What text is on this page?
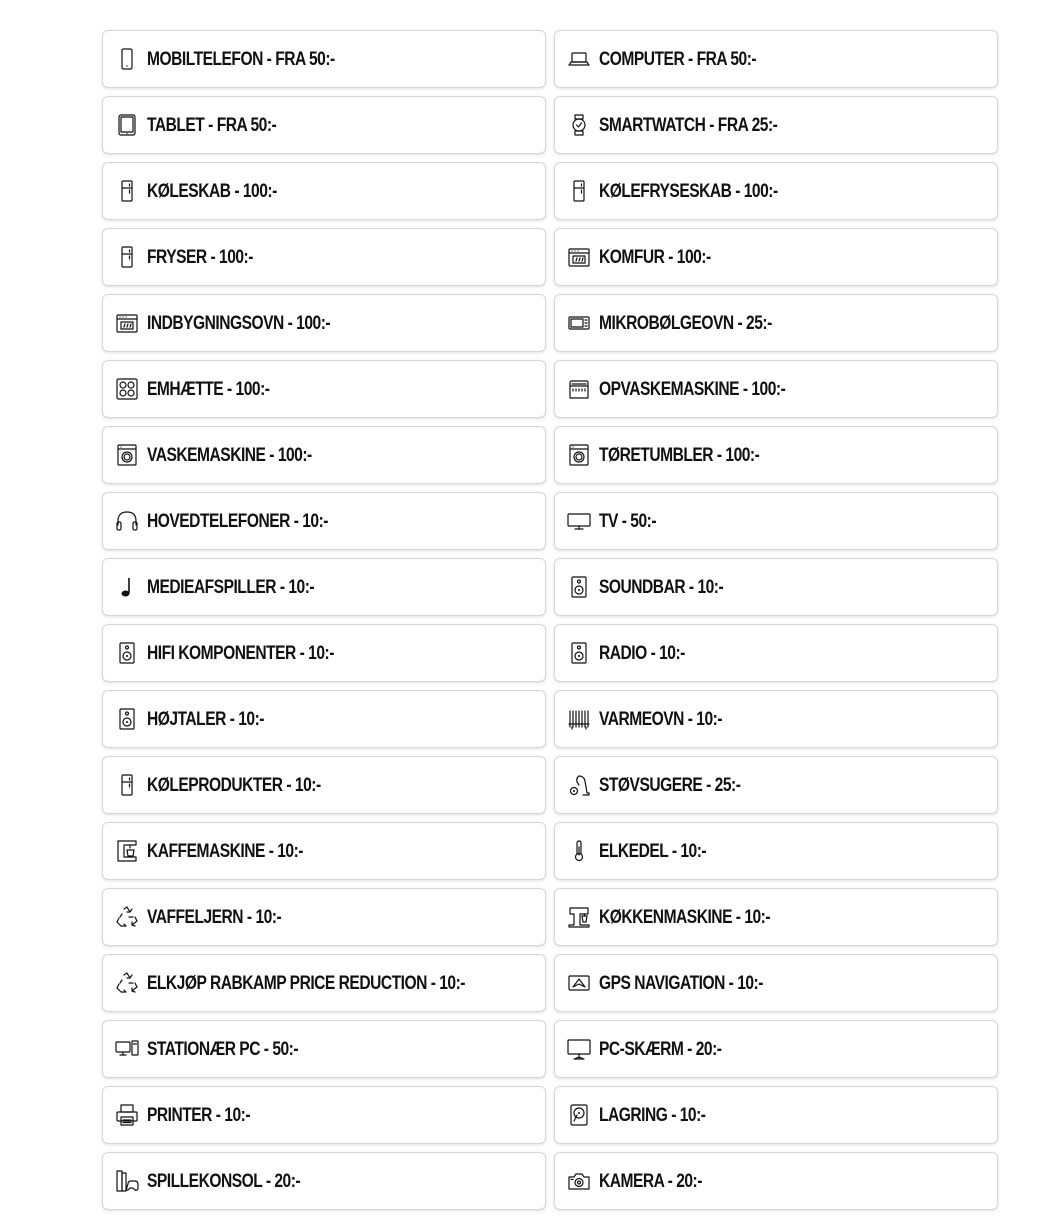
MOBILTELEFON - FRA 50:-	COMPUTER - FRA 50:-
TABLET - FRA 50:-	SMARTWATCH - FRA 25:-
KØLESKAB - 100:-	KØLEFRYSESKAB - 100:-
FRYSER - 100:-	KOMFUR - 100:-
INDBYGNINGSOVN - 100:-	MIKROBØLGEOVN - 25:-
EMHÆTTE - 100:-	OPVASKEMASKINE - 100:-
VASKEMASKINE - 100:-	TØRETUMBLER - 100:-
HOVEDTELEFONER - 10:-	TV - 50:-
MEDIEAFSPILLER - 10:-	SOUNDBAR - 10:-
HIFI KOMPONENTER - 10:-	RADIO - 10:-
HØJTALER - 10:-	VARMEOVN - 10:-
KØLEPRODUKTER - 10:-	STØVSUGERE - 25:-
KAFFEMASKINE - 10:-	ELKEDEL - 10:-
VAFFELJERN - 10:-	KØKKENMASKINE - 10:-
ELKJØP RABKAMP PRICE REDUCTION - 10:-	GPS NAVIGATION - 10:-
STATIONÆR PC - 50:-	PC-SKÆRM - 20:-
PRINTER - 10:-	LAGRING - 10:-
SPILLEKONSOL - 20:-	KAMERA - 20:-
